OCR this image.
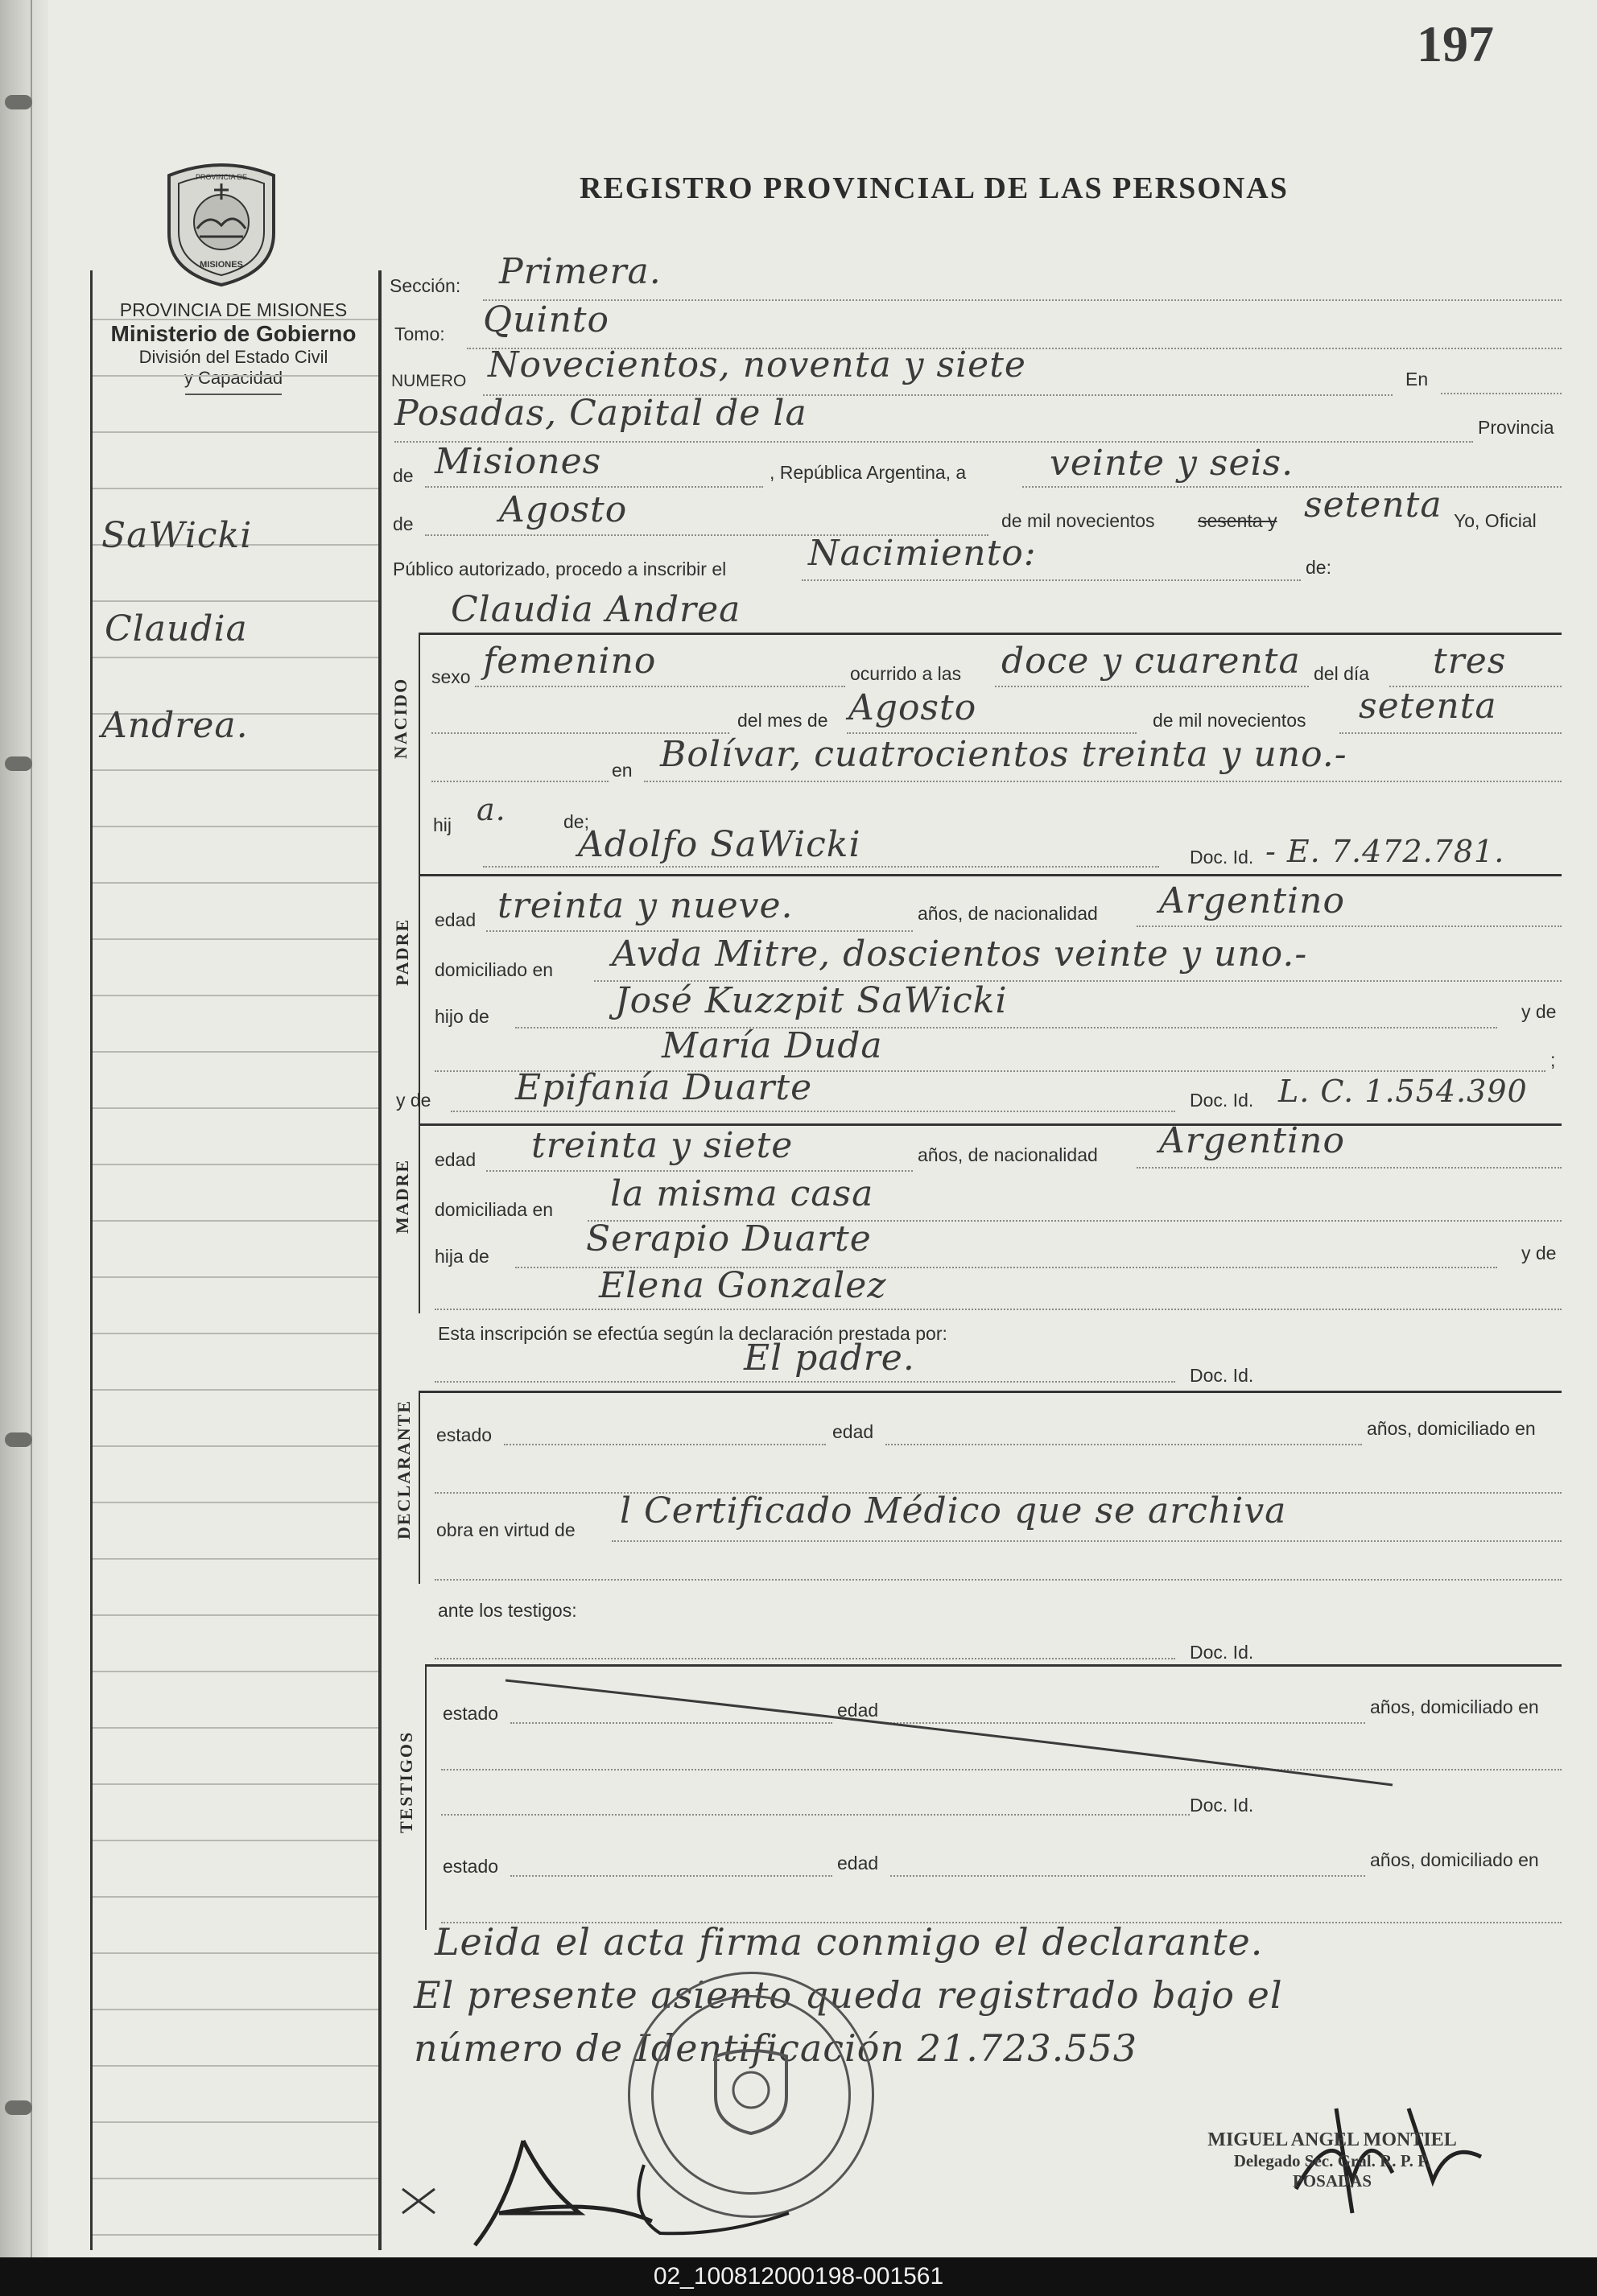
197
REGISTRO PROVINCIAL DE LAS PERSONAS
PROVINCIA DE
MISIONES
PROVINCIA DE MISIONES
Ministerio de Gobierno
División del Estado Civil
y Capacidad
SaWicki
Claudia
Andrea.
Sección: Primera.
Tomo: Quinto
NUMERO Novecientos, noventa y siete	En
Posadas, Capital de la	Provincia
de Misiones	, República Argentina, a veinte y seis.
de Agosto	de mil novecientos sesenta y setenta Yo, Oficial
Público autorizado, procedo a inscribir el Nacimiento:	de:
Claudia Andrea
NACIDO
sexo femenino	ocurrido a las doce y cuarenta del día tres
del mes de Agosto	de mil novecientos setenta
en Bolívar, cuatrocientos treinta y uno.-
hij a.	de;
Adolfo SaWicki	Doc. Id. - E. 7.472.781.
PADRE edad treinta y nueve.	años, de nacionalidad Argentino
domiciliado en Avda Mitre, doscientos veinte y uno.-
hijo de	José Kuzzpit SaWicki	y de
María Duda	;
y de Epifanía Duarte	Doc. Id. L. C. 1.554.390
MADRE edad treinta y siete	años, de nacionalidad Argentino
domiciliada en la misma casa
hija de	Serapio Duarte	y de
Elena Gonzalez
Esta inscripción se efectúa según la declaración prestada por:
El padre.	Doc. Id.
DECLARANTE estado	edad	años, domiciliado en
obra en virtud de l Certificado Médico que se archiva
ante los testigos:
Doc. Id.
TESTIGOS
estado	edad	años, domiciliado en
Doc. Id.
estado	edad	años, domiciliado en
Leida el acta firma conmigo el declarante.
El presente asiento queda registrado bajo el
número de Identificación 21.723.553
MIGUEL ANGEL MONTIEL
Delegado Sec. Gral. R. P. P.
POSADAS
02_100812000198-001561
